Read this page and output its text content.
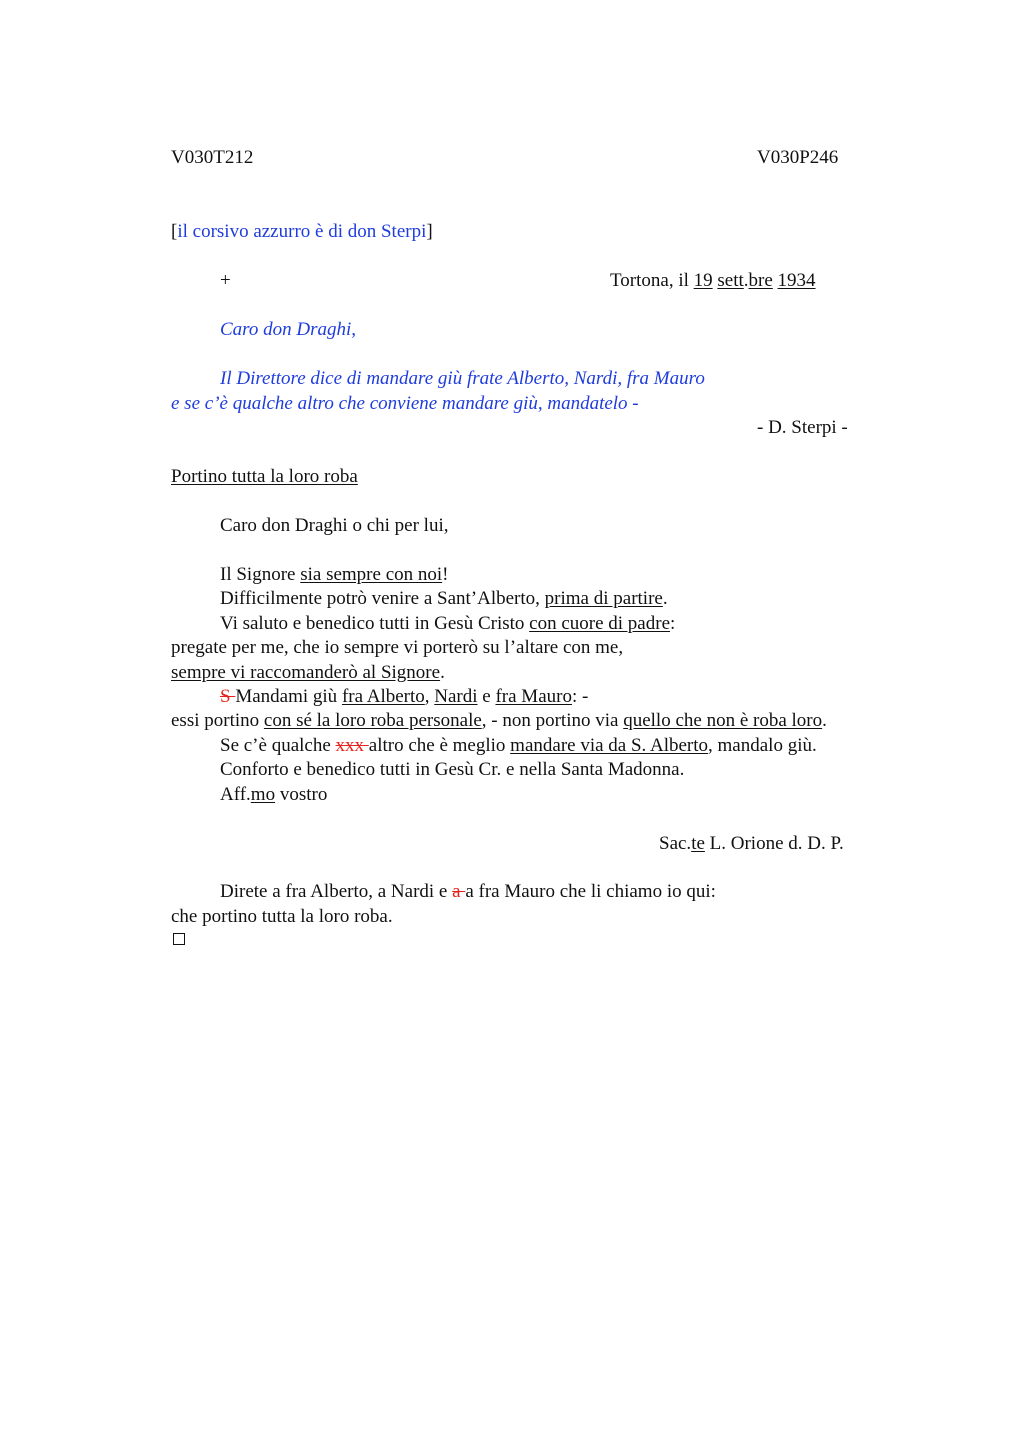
V030T212	V030P246
[il corsivo azzurro è di don Sterpi]
+	Tortona, il 19 sett.bre 1934
Caro don Draghi,
Il Direttore dice di mandare giù frate Alberto, Nardi, fra Mauro
e se c’è qualche altro che conviene mandare giù, mandatelo -
- D. Sterpi -
Portino tutta la loro roba
Caro don Draghi o chi per lui,
Il Signore sia sempre con noi!
Difficilmente potrò venire a Sant’Alberto, prima di partire.
Vi saluto e benedico tutti in Gesù Cristo con cuore di padre:
pregate per me, che io sempre vi porterò su l’altare con me,
sempre vi raccomanderò al Signore.
S Mandami giù fra Alberto, Nardi e fra Mauro: -
essi portino con sé la loro roba personale, - non portino via quello che non è roba loro.
Se c’è qualche xxx altro che è meglio mandare via da S. Alberto, mandalo giù.
Conforto e benedico tutti in Gesù Cr. e nella Santa Madonna.
Aff.mo vostro
Sac.te L. Orione d. D. P.
Direte a fra Alberto, a Nardi e a a fra Mauro che li chiamo io qui:
che portino tutta la loro roba.
